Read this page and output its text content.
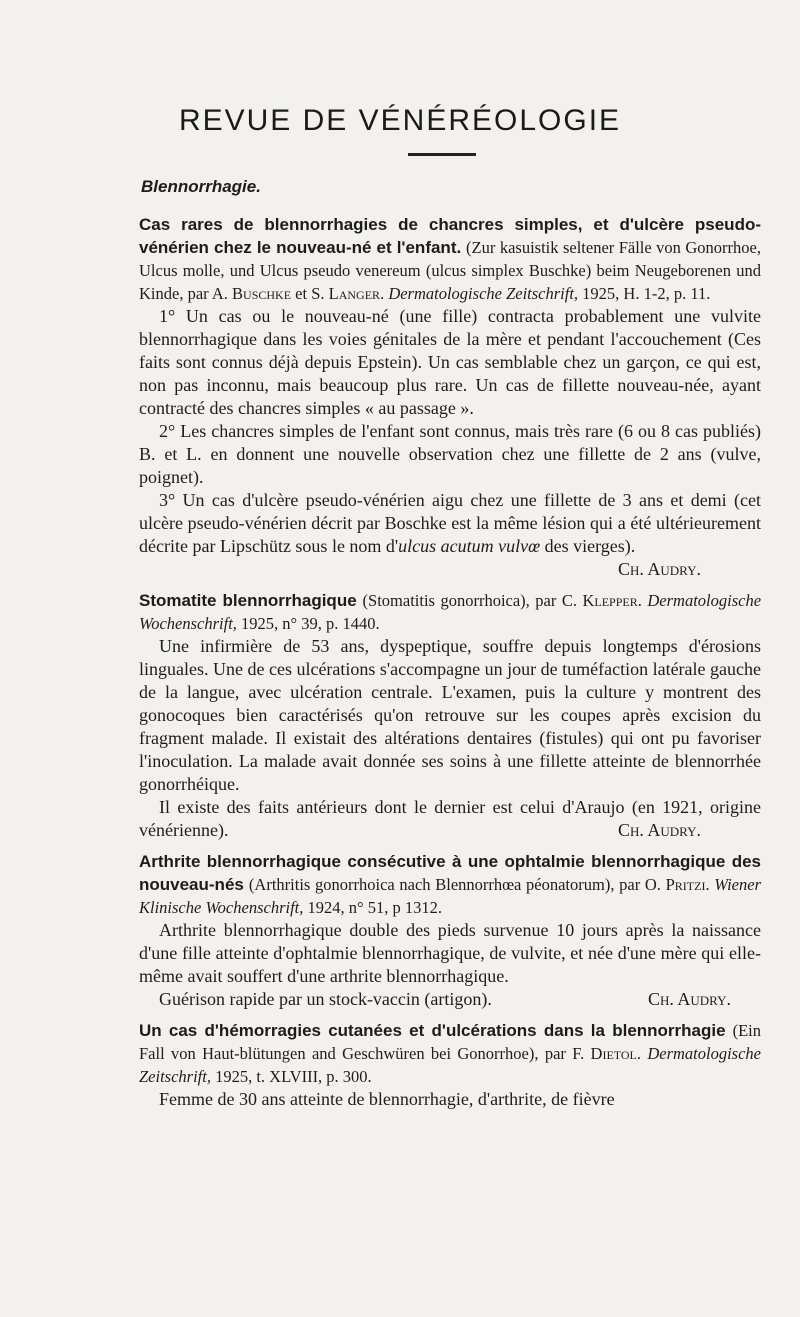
REVUE DE VÉNÉRÉOLOGIE
Blennorrhagie.
Cas rares de blennorrhagies de chancres simples, et d'ulcère pseudo-vénérien chez le nouveau-né et l'enfant. (Zur kasuistik seltener Fälle von Gonorrhoe, Ulcus molle, und Ulcus pseudo venereum (ulcus simplex Buschke) beim Neugeborenen und Kinde, par A. Buschke et S. Langer. Dermatologische Zeitschrift, 1925, H. 1-2, p. 11.

1° Un cas ou le nouveau-né (une fille) contracta probablement une vulvite blennorrhagique dans les voies génitales de la mère et pendant l'accouchement (Ces faits sont connus déjà depuis Epstein). Un cas semblable chez un garçon, ce qui est, non pas inconnu, mais beaucoup plus rare. Un cas de fillette nouveau-née, ayant contracté des chancres simples « au passage ».

2° Les chancres simples de l'enfant sont connus, mais très rare (6 ou 8 cas publiés) B. et L. en donnent une nouvelle observation chez une fillette de 2 ans (vulve, poignet).

3° Un cas d'ulcère pseudo-vénérien aigu chez une fillette de 3 ans et demi (cet ulcère pseudo-vénérien décrit par Boschke est la même lésion qui a été ultérieurement décrite par Lipschütz sous le nom d'ulcus acutum vulvœ des vierges).
Ch. Audry.

Stomatite blennorrhagique (Stomatitis gonorrhoica), par C. Klepper. Dermatologische Wochenschrift, 1925, n° 39, p. 1440.

Une infirmière de 53 ans, dyspeptique, souffre depuis longtemps d'érosions linguales. Une de ces ulcérations s'accompagne un jour de tuméfaction latérale gauche de la langue, avec ulcération centrale. L'examen, puis la culture y montrent des gonocoques bien caractérisés qu'on retrouve sur les coupes après excision du fragment malade. Il existait des altérations dentaires (fistules) qui ont pu favoriser l'inoculation. La malade avait donnée ses soins à une fillette atteinte de blennorrhée gonorrhéique.

Il existe des faits antérieurs dont le dernier est celui d'Araujo (en 1921, origine vénérienne).	Ch. Audry.

Arthrite blennorrhagique consécutive à une ophtalmie blennorrhagique des nouveau-nés (Arthritis gonorrhoica nach Blennorrhœa péonatorum), par O. Pritzi. Wiener Klinische Wochenschrift, 1924, n° 51, p 1312.

Arthrite blennorrhagique double des pieds survenue 10 jours après la naissance d'une fille atteinte d'ophtalmie blennorrhagique, de vulvite, et née d'une mère qui elle-même avait souffert d'une arthrite blennorrhagique.

Guérison rapide par un stock-vaccin (artigon).	Ch. Audry.

Un cas d'hémorragies cutanées et d'ulcérations dans la blennorrhagie (Ein Fall von Haut-blütungen and Geschwüren bei Gonorrhoe), par F. Dietol. Dermatologische Zeitschrift, 1925, t. XLVIII, p. 300.

Femme de 30 ans atteinte de blennorrhagie, d'arthrite, de fièvre
